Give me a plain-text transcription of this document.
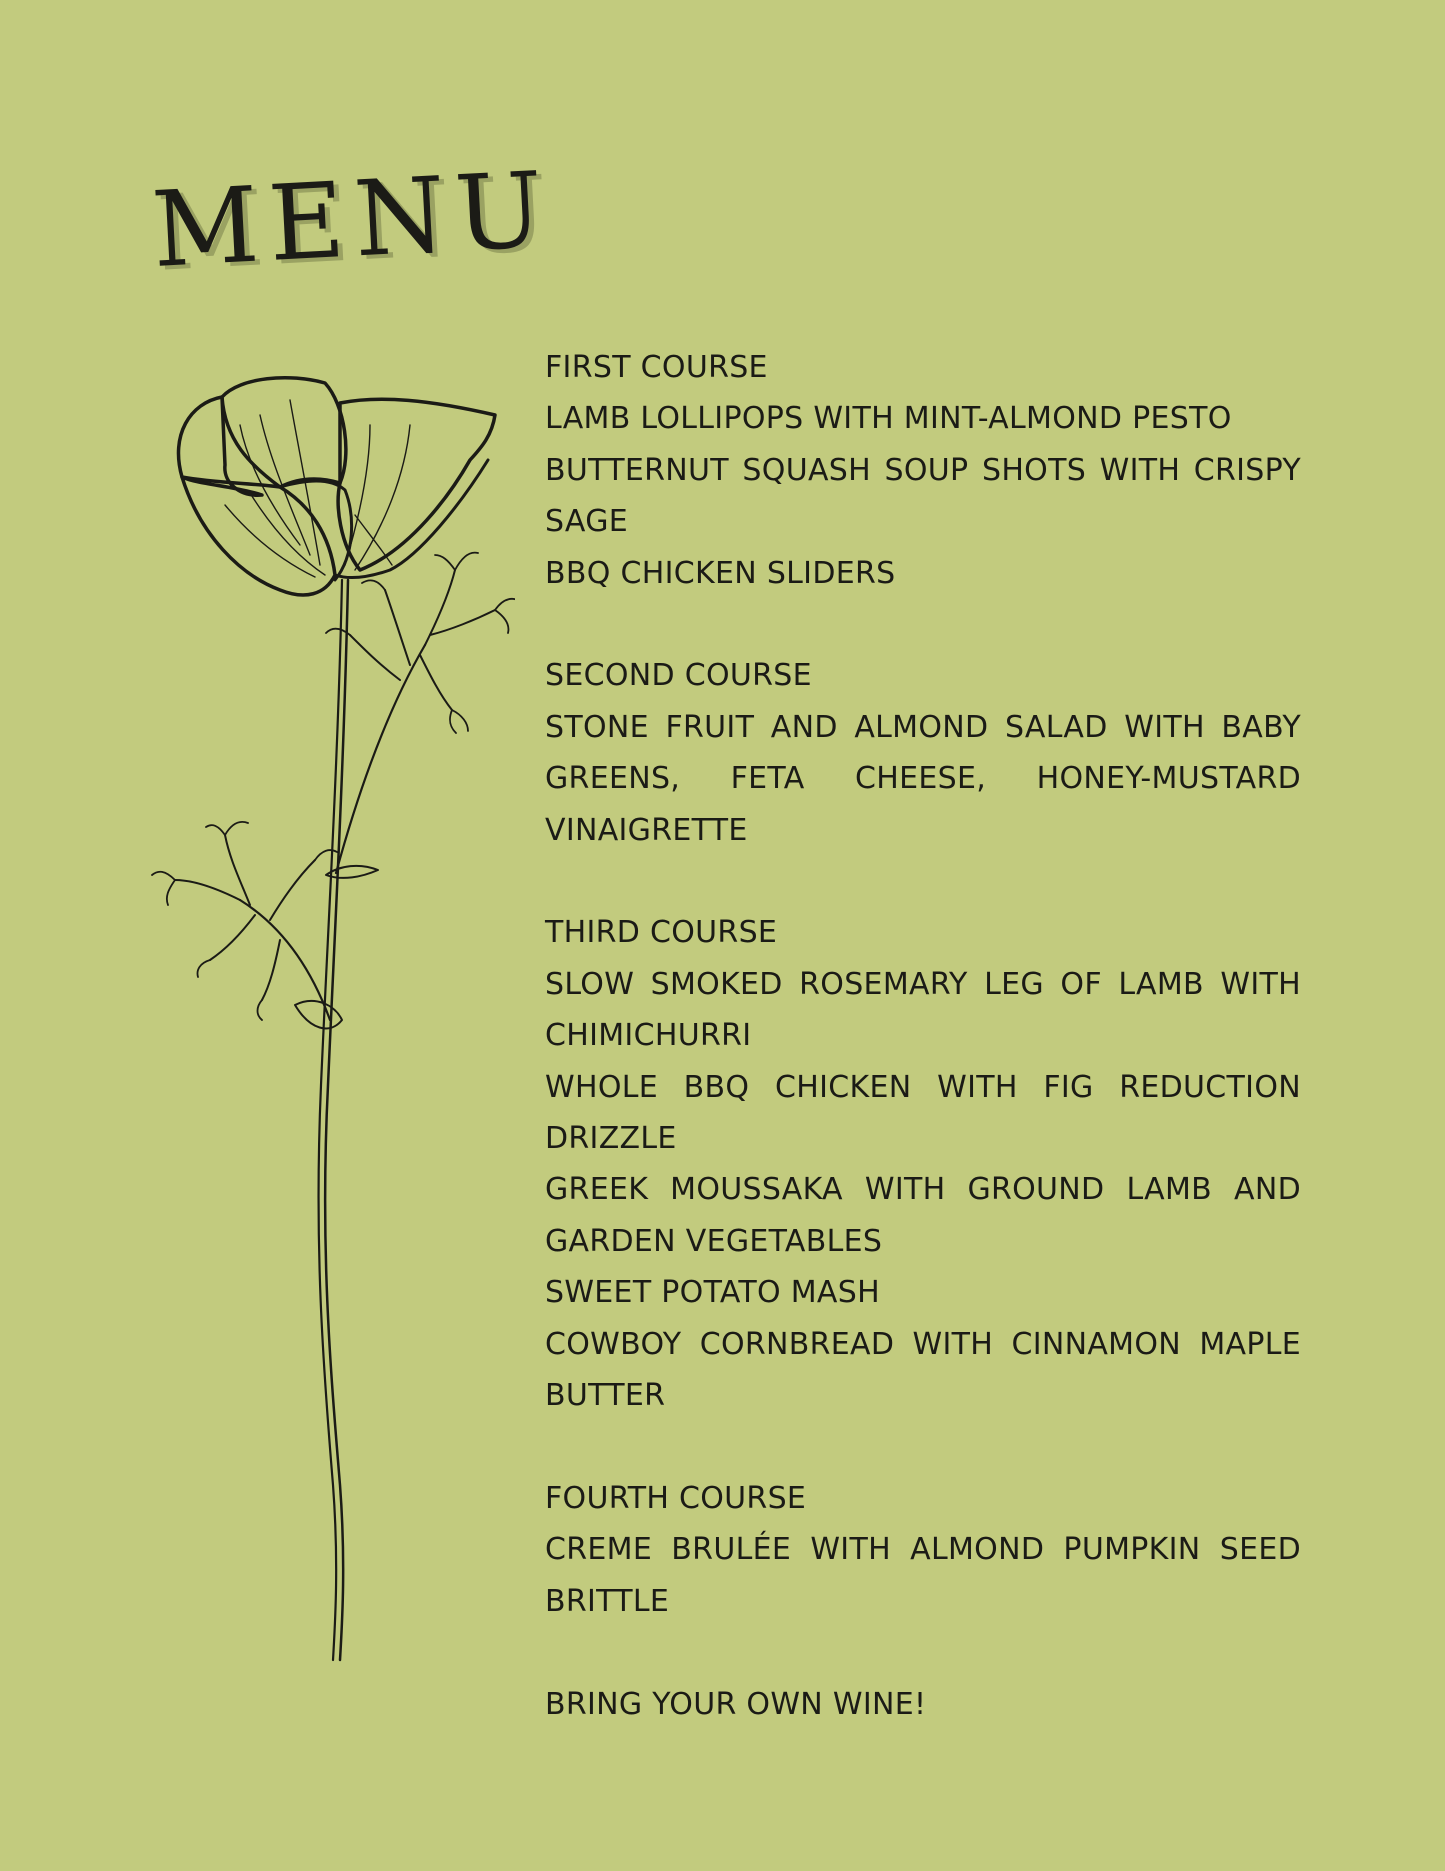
MENU
FIRST COURSE
LAMB LOLLIPOPS WITH MINT-ALMOND PESTO
BUTTERNUT SQUASH SOUP SHOTS WITH CRISPY SAGE
BBQ CHICKEN SLIDERS
SECOND COURSE
STONE FRUIT AND ALMOND SALAD WITH BABY GREENS, FETA CHEESE, HONEY-MUSTARD VINAIGRETTE
THIRD COURSE
SLOW SMOKED ROSEMARY LEG OF LAMB WITH CHIMICHURRI
WHOLE BBQ CHICKEN WITH FIG REDUCTION DRIZZLE
GREEK MOUSSAKA WITH GROUND LAMB AND GARDEN VEGETABLES
SWEET POTATO MASH
COWBOY CORNBREAD WITH CINNAMON MAPLE BUTTER
FOURTH COURSE
CREME BRULÉE WITH ALMOND PUMPKIN SEED BRITTLE
BRING YOUR OWN WINE!
